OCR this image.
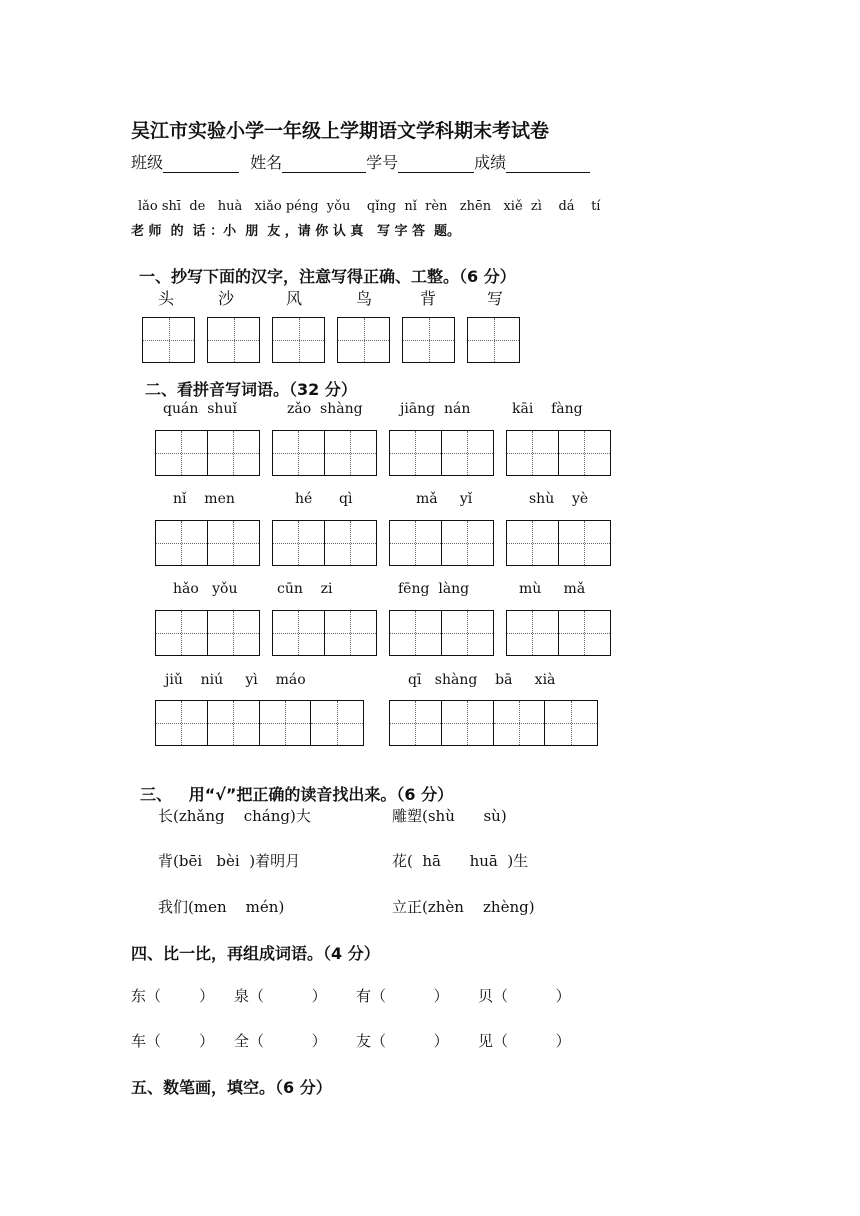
吴江市实验小学一年级上学期语文学科期末考试卷
班级	姓名	学号	成绩
lǎo shī  de   huà   xiǎo péng  yǒu    qǐng  nǐ  rèn   zhēn   xiě  zì    dá    tí
老 师  的  话 ：小  朋  友 ，请 你 认 真   写 字 答  题。
一、抄写下面的汉字，注意写得正确、工整。（6 分）
头	沙	风	鸟	背	写
二、看拼音写词语。（32 分）
quán  shuǐ	zǎo  shàng	jiāng  nán	kāi    fàng
nǐ    men	hé      qì	mǎ     yǐ	shù    yè
hǎo   yǒu	cūn    zi	fēng  làng	mù     mǎ
jiǔ    niú     yì    máo	qī   shàng    bā     xià
三、   用“√”把正确的读音找出来。（6 分）
长(zhǎng    cháng)大	雕塑(shù      sù)
背(bēi   bèi  )着明月	花(  hā      huā  )生
我们(men    mén)	立正(zhèn    zhèng)
四、比一比，再组成词语。（4 分）
东（        ） 泉（          ） 有（          ） 贝（          ）
车（        ） 全（          ） 友（          ） 见（          ）
五、数笔画，填空。（6 分）
